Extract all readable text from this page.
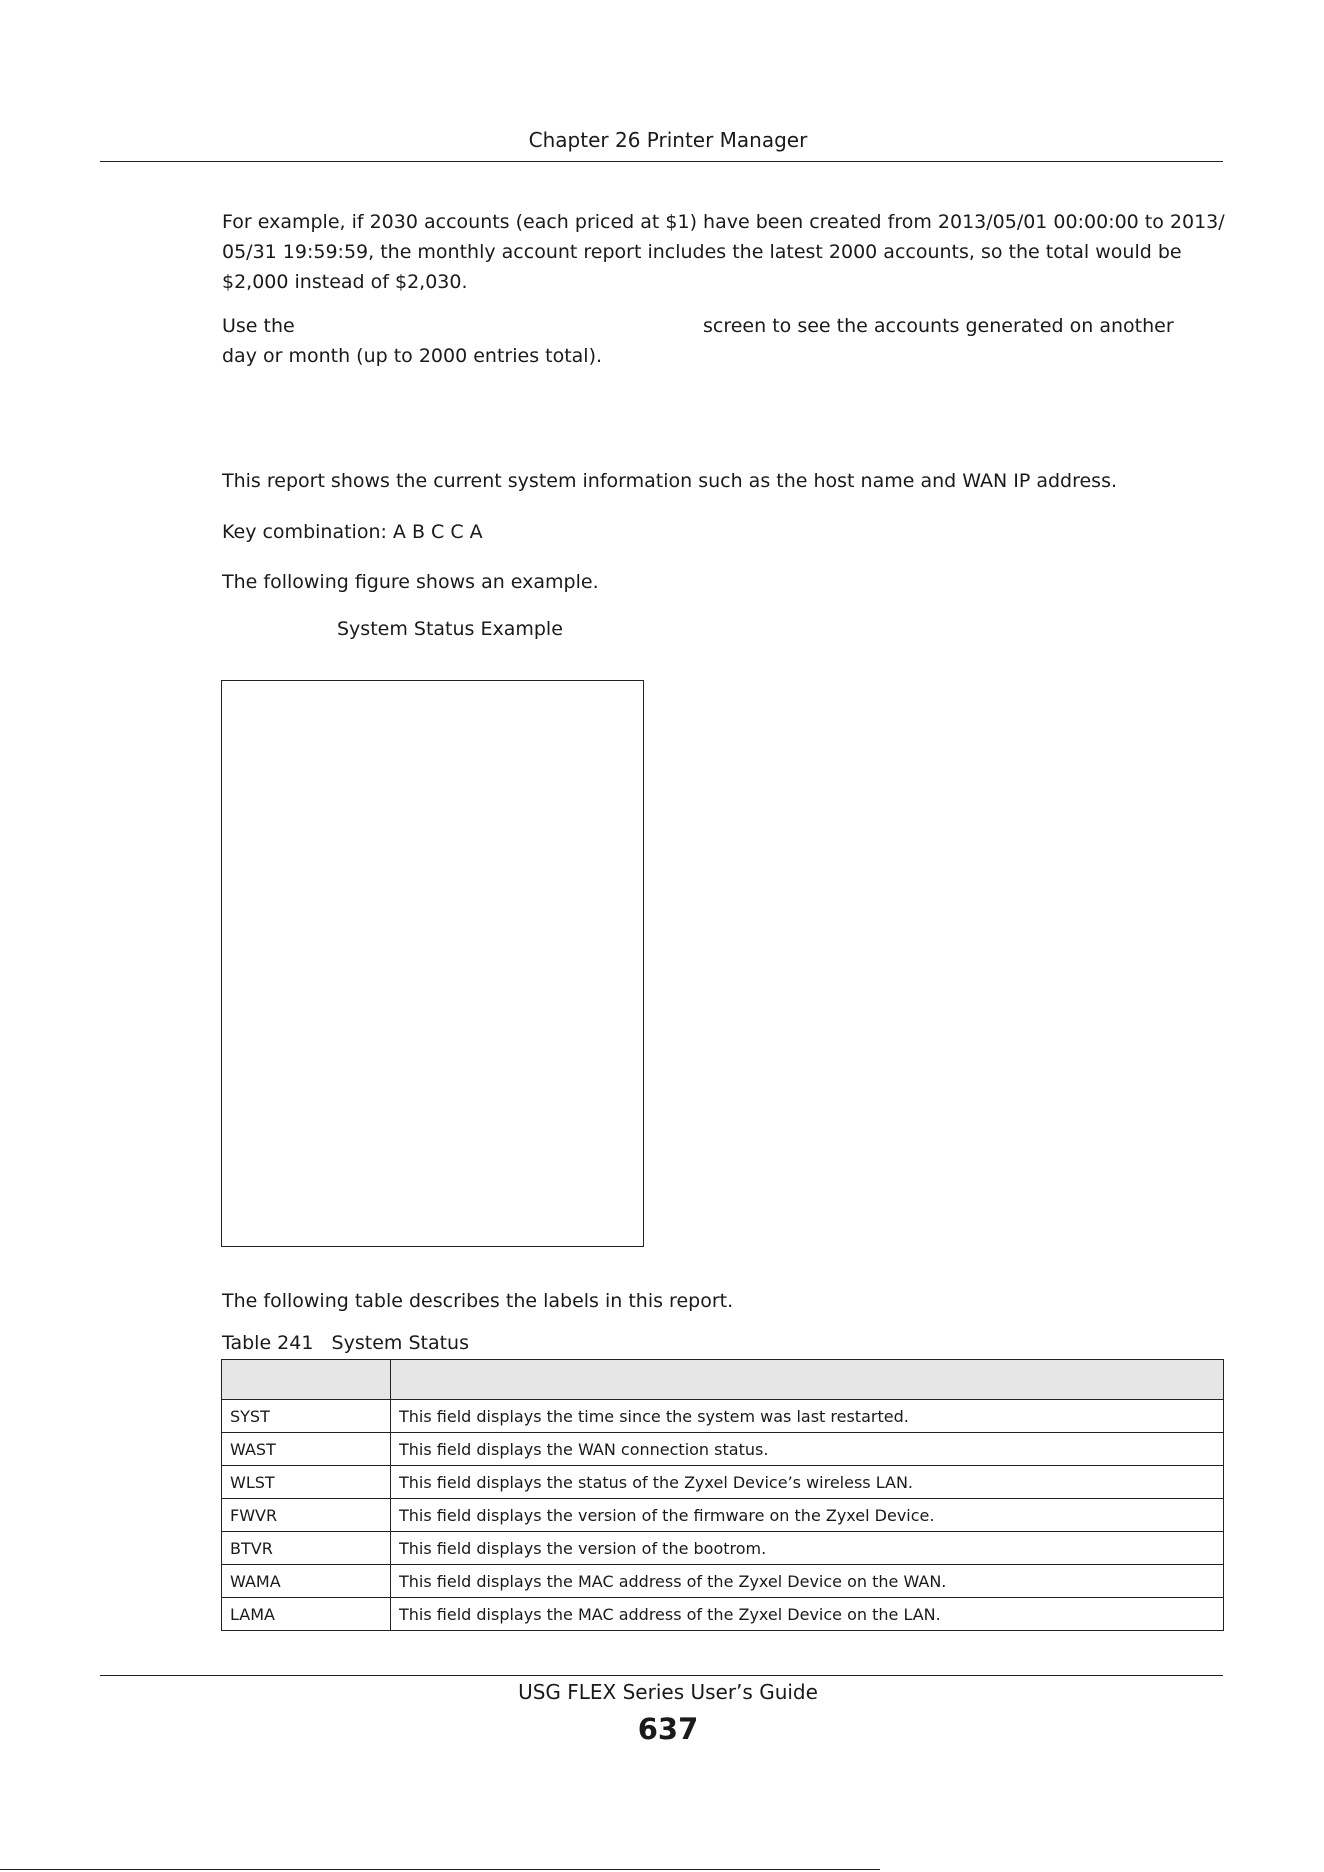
Chapter 26 Printer Manager
For example, if 2030 accounts (each priced at $1) have been created from 2013/05/01 00:00:00 to 2013/
05/31 19:59:59, the monthly account report includes the latest 2000 accounts, so the total would be
$2,000 instead of $2,030.
Use the	screen to see the accounts generated on another
day or month (up to 2000 entries total).
This report shows the current system information such as the host name and WAN IP address.
Key combination: A B C C A
The following figure shows an example.
System Status Example
The following table describes the labels in this report.
Table 241   System Status

SYST	This field displays the time since the system was last restarted.
WAST	This field displays the WAN connection status.
WLST	This field displays the status of the Zyxel Device’s wireless LAN.
FWVR	This field displays the version of the firmware on the Zyxel Device.
BTVR	This field displays the version of the bootrom.
WAMA	This field displays the MAC address of the Zyxel Device on the WAN.
LAMA	This field displays the MAC address of the Zyxel Device on the LAN.
USG FLEX Series User’s Guide
637
